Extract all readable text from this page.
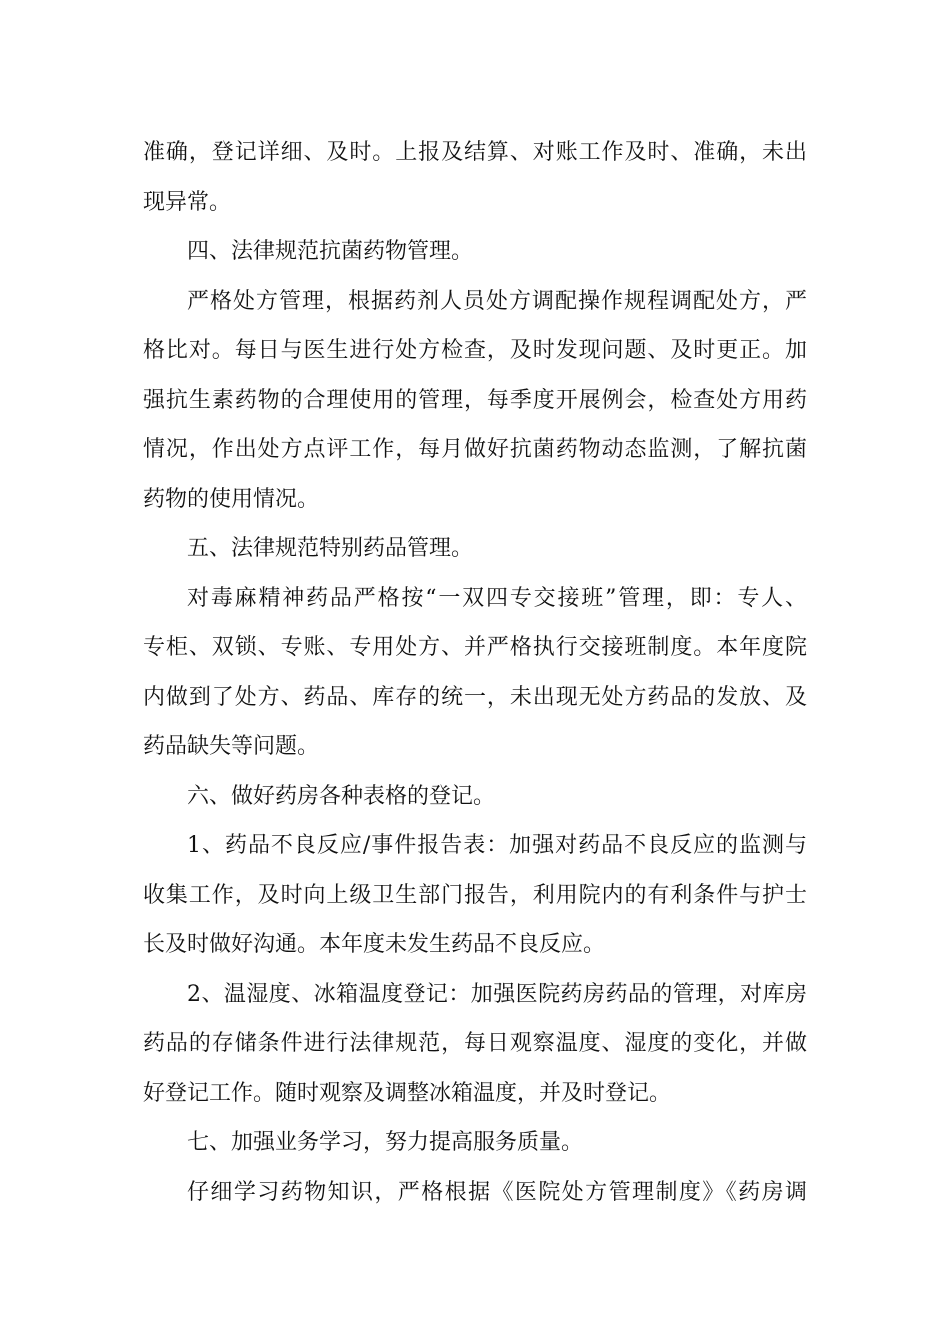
准确，登记详细、及时。上报及结算、对账工作及时、准确，未出
现异常。
四、法律规范抗菌药物管理。
严格处方管理，根据药剂人员处方调配操作规程调配处方，严
格比对。每日与医生进行处方检查，及时发现问题、及时更正。加
强抗生素药物的合理使用的管理，每季度开展例会，检查处方用药
情况，作出处方点评工作，每月做好抗菌药物动态监测，了解抗菌
药物的使用情况。
五、法律规范特别药品管理。
对毒麻精神药品严格按“一双四专交接班”管理，即：专人、
专柜、双锁、专账、专用处方、并严格执行交接班制度。本年度院
内做到了处方、药品、库存的统一，未出现无处方药品的发放、及
药品缺失等问题。
六、做好药房各种表格的登记。
1、药品不良反应/事件报告表：加强对药品不良反应的监测与
收集工作，及时向上级卫生部门报告，利用院内的有利条件与护士
长及时做好沟通。本年度未发生药品不良反应。
2、温湿度、冰箱温度登记：加强医院药房药品的管理，对库房
药品的存储条件进行法律规范，每日观察温度、湿度的变化，并做
好登记工作。随时观察及调整冰箱温度，并及时登记。
七、加强业务学习，努力提高服务质量。
仔细学习药物知识，严格根据《医院处方管理制度》《药房调
